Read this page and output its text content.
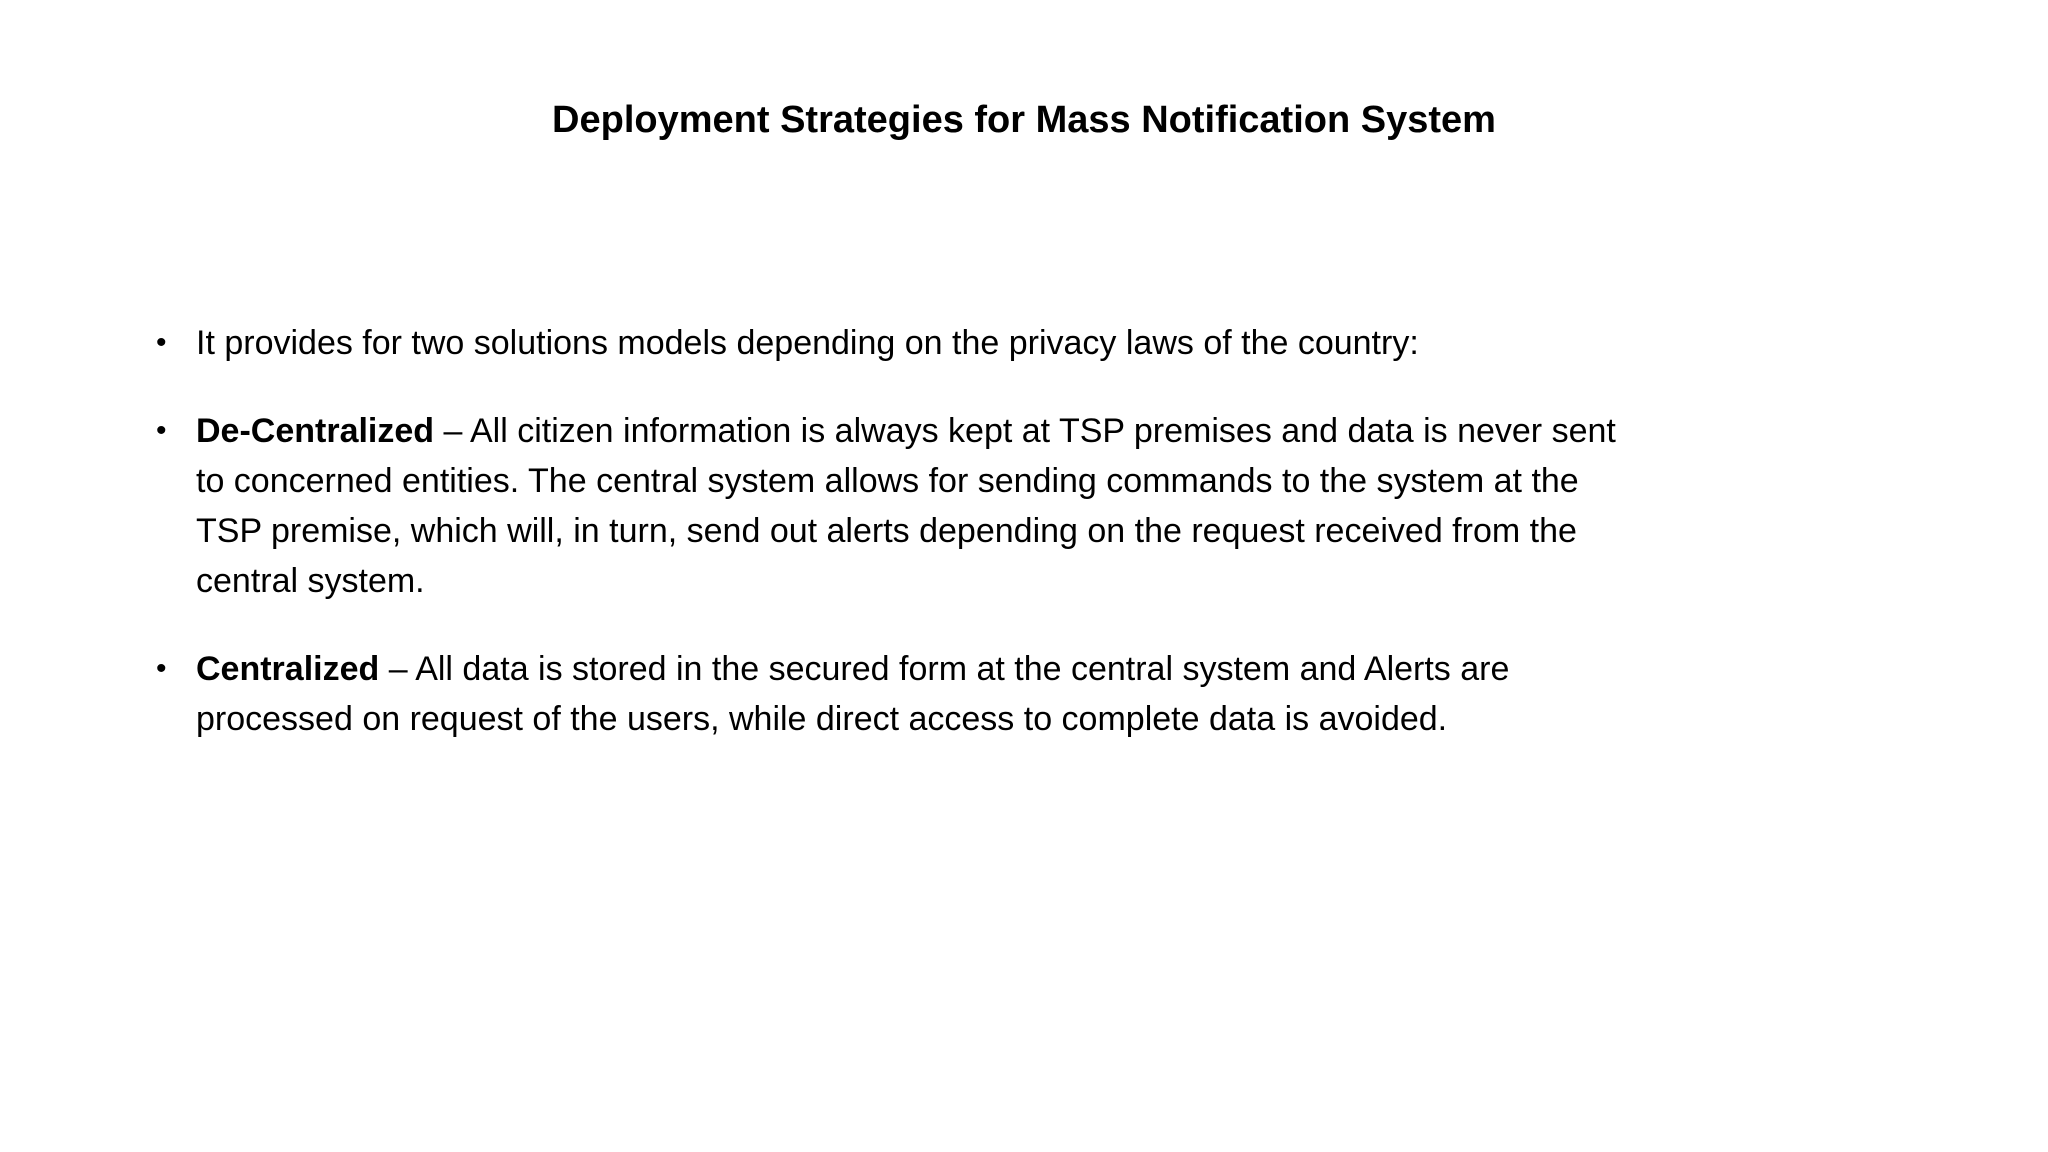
Deployment Strategies for Mass Notification System
• It provides for two solutions models depending on the privacy laws of the country:
• De-Centralized – All citizen information is always kept at TSP premises and data is never sent to concerned entities. The central system allows for sending commands to the system at the TSP premise, which will, in turn, send out alerts depending on the request received from the central system.
• Centralized – All data is stored in the secured form at the central system and Alerts are processed on request of the users, while direct access to complete data is avoided.
